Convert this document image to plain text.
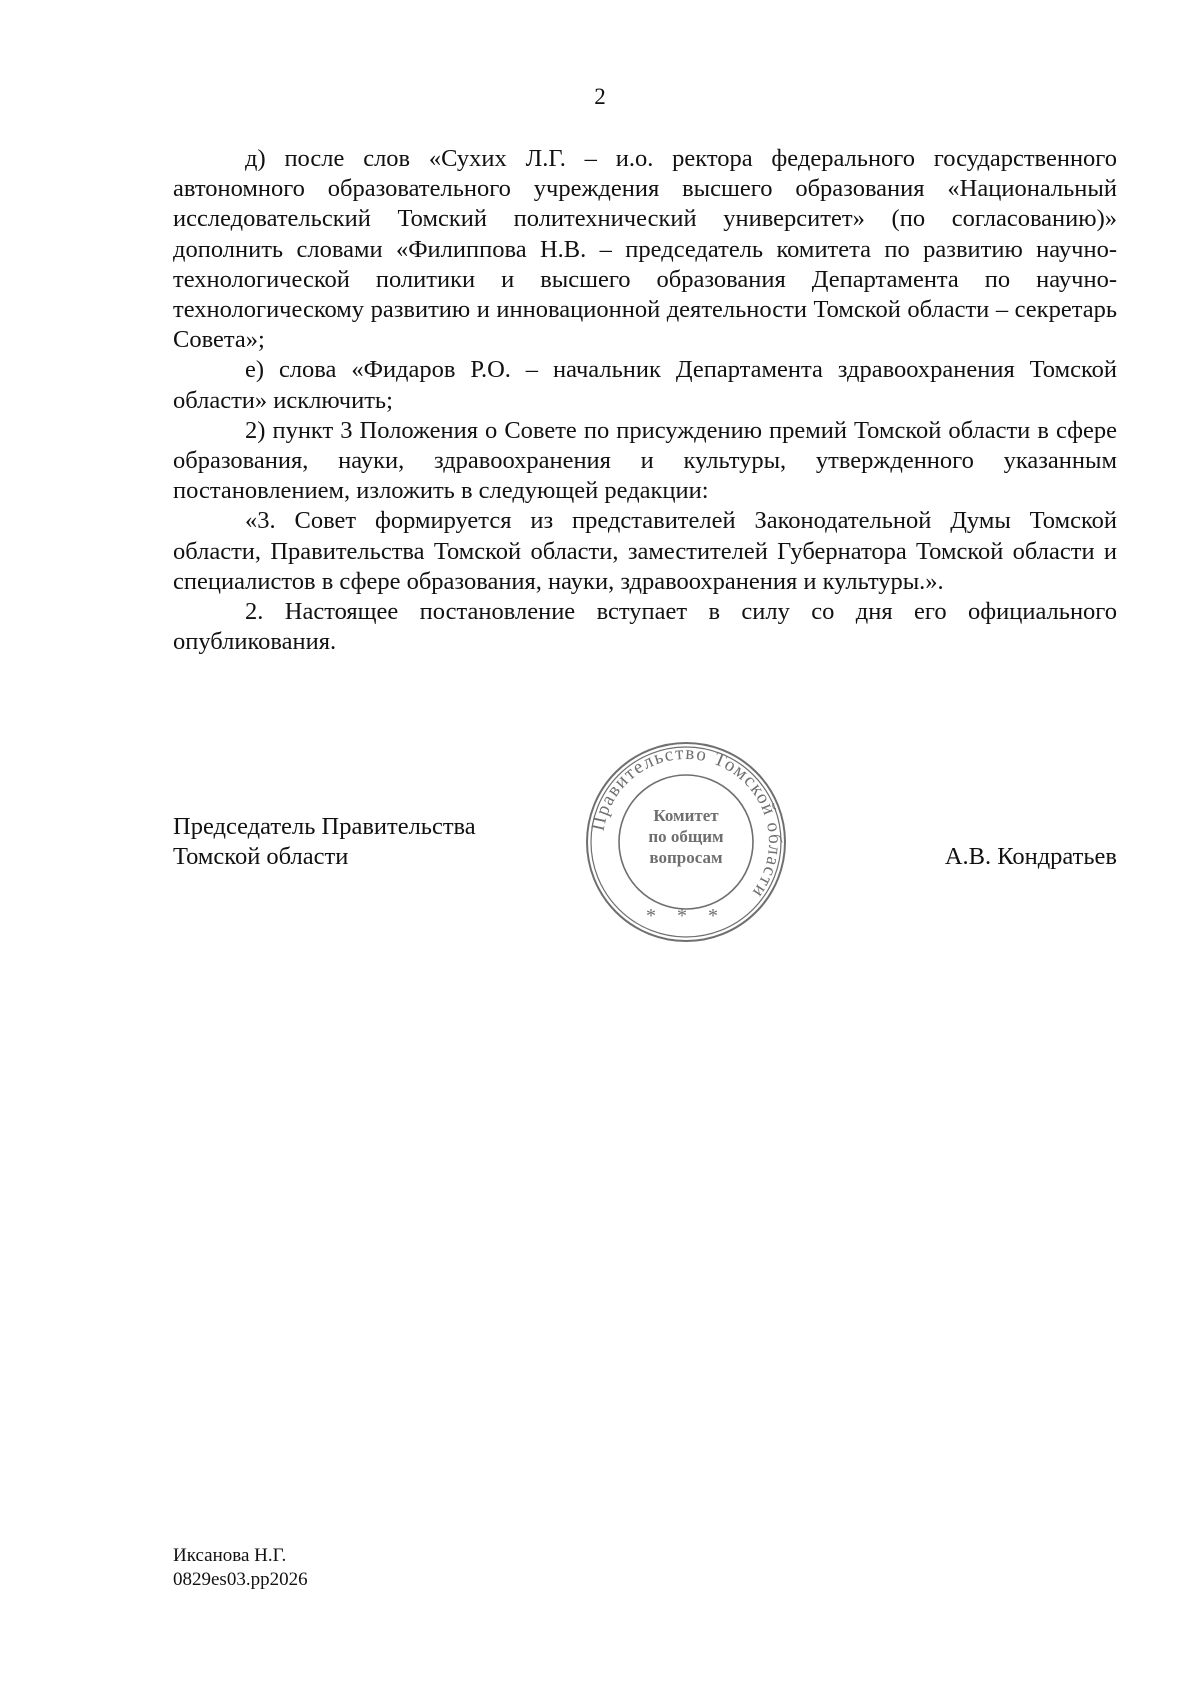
2

д) после слов «Сухих Л.Г. – и.о. ректора федерального государственного автономного образовательного учреждения высшего образования «Национальный исследовательский Томский политехнический университет» (по согласованию)» дополнить словами «Филиппова Н.В. – председатель комитета по развитию научно-технологической политики и высшего образования Департамента по научно-технологическому развитию и инновационной деятельности Томской области – секретарь Совета»;

е) слова «Фидаров Р.О. – начальник Департамента здравоохранения Томской области» исключить;

2) пункт 3 Положения о Совете по присуждению премий Томской области в сфере образования, науки, здравоохранения и культуры, утвержденного указанным постановлением, изложить в следующей редакции:

«3. Совет формируется из представителей Законодательной Думы Томской области, Правительства Томской области, заместителей Губернатора Томской области и специалистов в сфере образования, науки, здравоохранения и культуры.».

2. Настоящее постановление вступает в силу со дня его официального опубликования.

Председатель Правительства
Томской области	А.В. Кондратьев
Правительство Томской области
Комитет
по общим
вопросам
* * *
Иксанова Н.Г.
0829es03.pp2026
